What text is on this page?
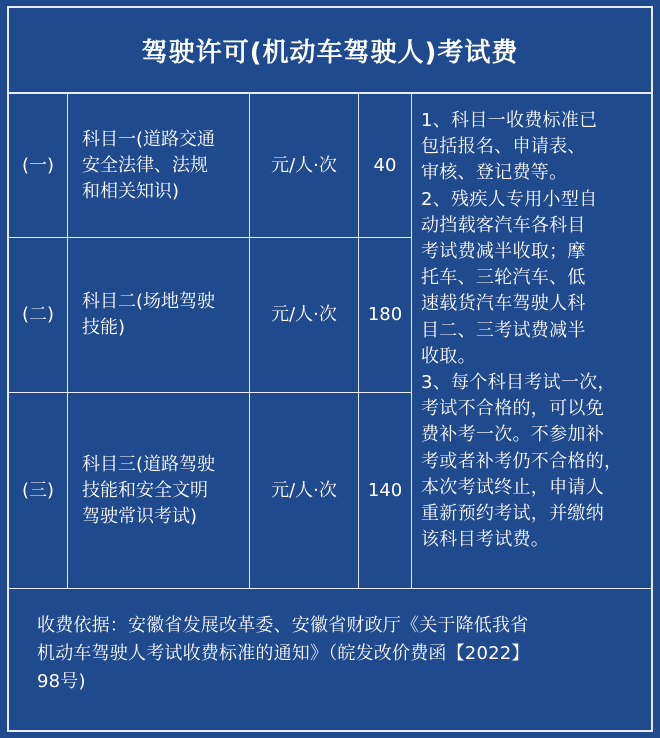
驾驶许可(机动车驾驶人)考试费
(一)
科目一(道路交通
安全法律、法规
和相关知识)
元/人·次 40
(二)
科目二(场地驾驶
技能)
元/人·次 180
(三)
科目三(道路驾驶
技能和安全文明
驾驶常识考试)
元/人·次 140
1、科目一收费标准已
包括报名、申请表、
审核、登记费等。
2、残疾人专用小型自
动挡载客汽车各科目
考试费减半收取；摩
托车、三轮汽车、低
速载货汽车驾驶人科
目二、三考试费减半
收取。
3、每个科目考试一次，
考试不合格的，可以免
费补考一次。不参加补
考或者补考仍不合格的，
本次考试终止，申请人
重新预约考试，并缴纳
该科目考试费。
收费依据：安徽省发展改革委、安徽省财政厅《关于降低我省
机动车驾驶人考试收费标准的通知》（皖发改价费函【2022】
98号)
